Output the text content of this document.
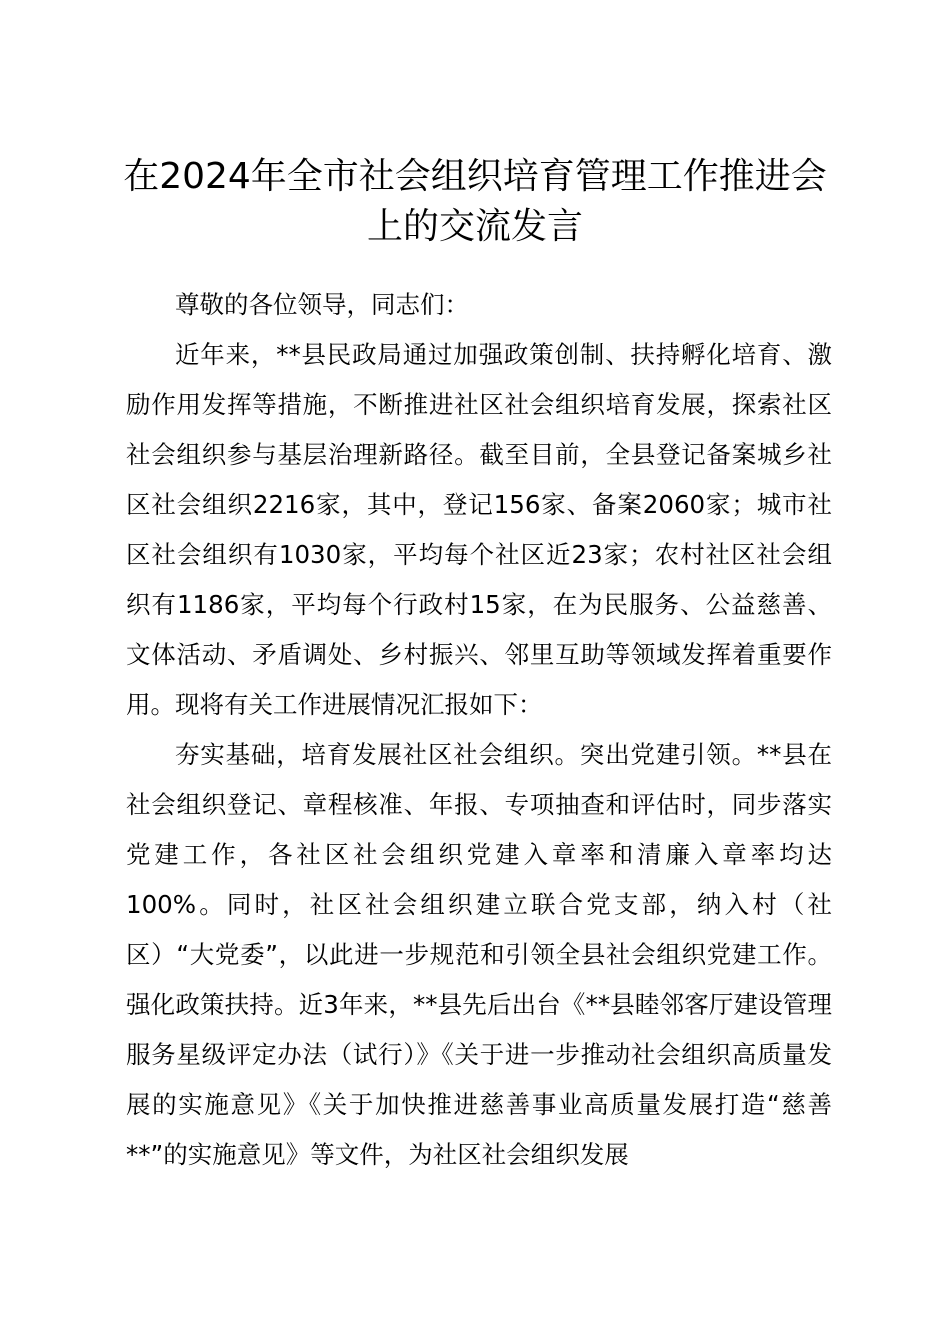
在2024年全市社会组织培育管理工作推进会上的交流发言

尊敬的各位领导，同志们：

近年来，**县民政局通过加强政策创制、扶持孵化培育、激励作用发挥等措施，不断推进社区社会组织培育发展，探索社区社会组织参与基层治理新路径。截至目前，全县登记备案城乡社区社会组织2216家，其中，登记156家、备案2060家；城市社区社会组织有1030家，平均每个社区近23家；农村社区社会组织有1186家，平均每个行政村15家，在为民服务、公益慈善、文体活动、矛盾调处、乡村振兴、邻里互助等领域发挥着重要作用。现将有关工作进展情况汇报如下：

夯实基础，培育发展社区社会组织。突出党建引领。**县在社会组织登记、章程核准、年报、专项抽查和评估时，同步落实党建工作，各社区社会组织党建入章率和清廉入章率均达100%。同时，社区社会组织建立联合党支部，纳入村（社区）“大党委”，以此进一步规范和引领全县社会组织党建工作。强化政策扶持。近3年来，**县先后出台《**县睦邻客厅建设管理服务星级评定办法（试行）》《关于进一步推动社会组织高质量发展的实施意见》《关于加快推进慈善事业高质量发展打造“慈善**”的实施意见》等文件，为社区社会组织发展
